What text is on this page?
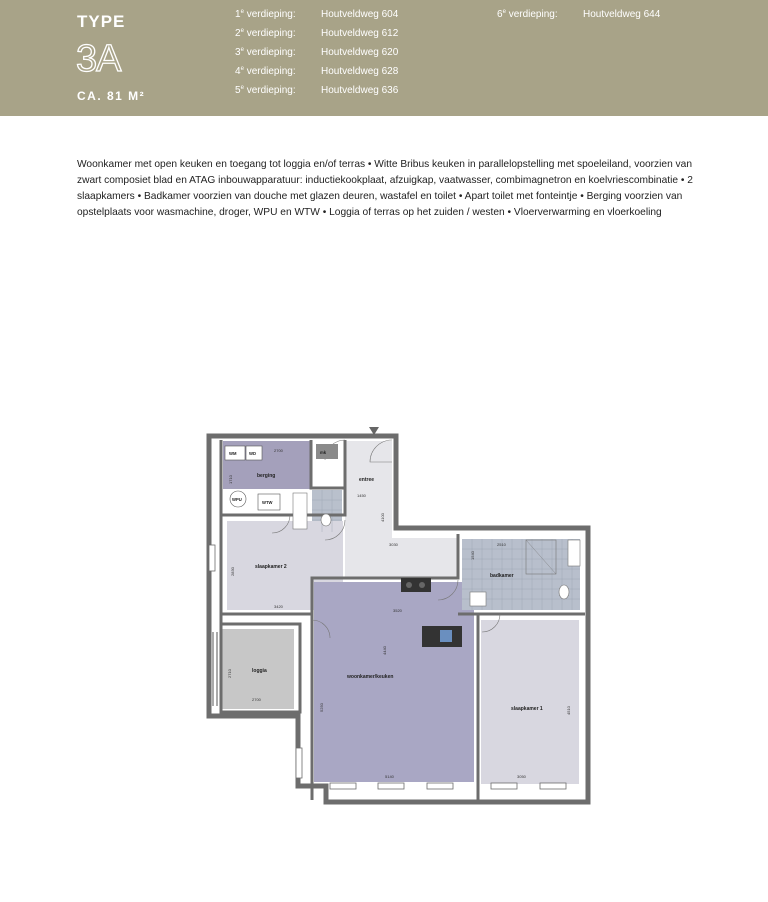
TYPE
3A
CA. 81 M²
1e verdieping:	Houtveldweg 604
2e verdieping:	Houtveldweg 612
3e verdieping:	Houtveldweg 620
4e verdieping:	Houtveldweg 628
5e verdieping:	Houtveldweg 636
6e verdieping:	Houtveldweg 644
Woonkamer met open keuken en toegang tot loggia en/of terras • Witte Bribus keuken in parallelopstelling met spoeleiland, voorzien van zwart composiet blad en ATAG inbouwapparatuur: inductiekookplaat, afzuigkap, vaatwasser, combimagnetron en koelvriescombinatie • 2 slaapkamers • Badkamer voorzien van douche met glazen deuren, wastafel en toilet • Apart toilet met fonteintje • Berging voorzien van opstelplaats voor wasmachine, droger, WPU en WTW • Loggia of terras op het zuiden / westen • Vloerverwarming en vloerkoeling
WM	WD
WPU
WTW
mk
berging
entree
slaapkamer 2
loggia
woonkamer/keuken
badkamer
slaapkamer 1
2700
1710
1450
4100
3030
3420
2830
2700
2710
3520
4440
5250
5140
2510
1540
3050
4510
